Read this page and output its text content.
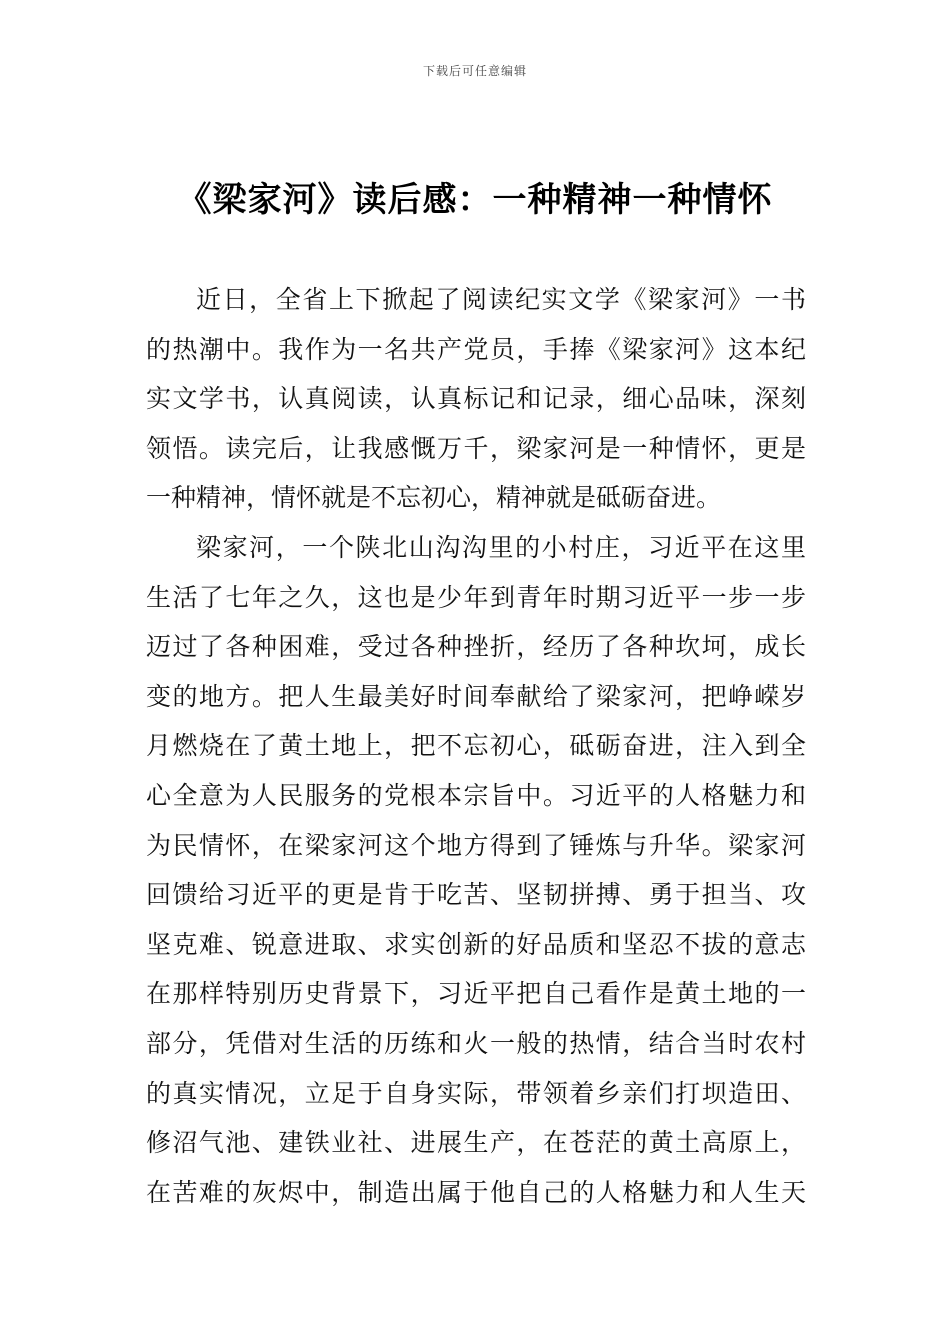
下载后可任意编辑
《梁家河》读后感：一种精神一种情怀
近日，全省上下掀起了阅读纪实文学《梁家河》一书
的热潮中。我作为一名共产党员，手捧《梁家河》这本纪
实文学书，认真阅读，认真标记和记录，细心品味，深刻
领悟。读完后，让我感慨万千，梁家河是一种情怀，更是
一种精神，情怀就是不忘初心，精神就是砥砺奋进。
梁家河，一个陕北山沟沟里的小村庄，习近平在这里
生活了七年之久，这也是少年到青年时期习近平一步一步
迈过了各种困难，受过各种挫折，经历了各种坎坷，成长
变的地方。把人生最美好时间奉献给了梁家河，把峥嵘岁
月燃烧在了黄土地上，把不忘初心，砥砺奋进，注入到全
心全意为人民服务的党根本宗旨中。习近平的人格魅力和
为民情怀，在梁家河这个地方得到了锤炼与升华。梁家河
回馈给习近平的更是肯于吃苦、坚韧拼搏、勇于担当、攻
坚克难、锐意进取、求实创新的好品质和坚忍不拔的意志
在那样特别历史背景下，习近平把自己看作是黄土地的一
部分，凭借对生活的历练和火一般的热情，结合当时农村
的真实情况，立足于自身实际，带领着乡亲们打坝造田、
修沼气池、建铁业社、进展生产，在苍茫的黄土高原上，
在苦难的灰烬中，制造出属于他自己的人格魅力和人生天
